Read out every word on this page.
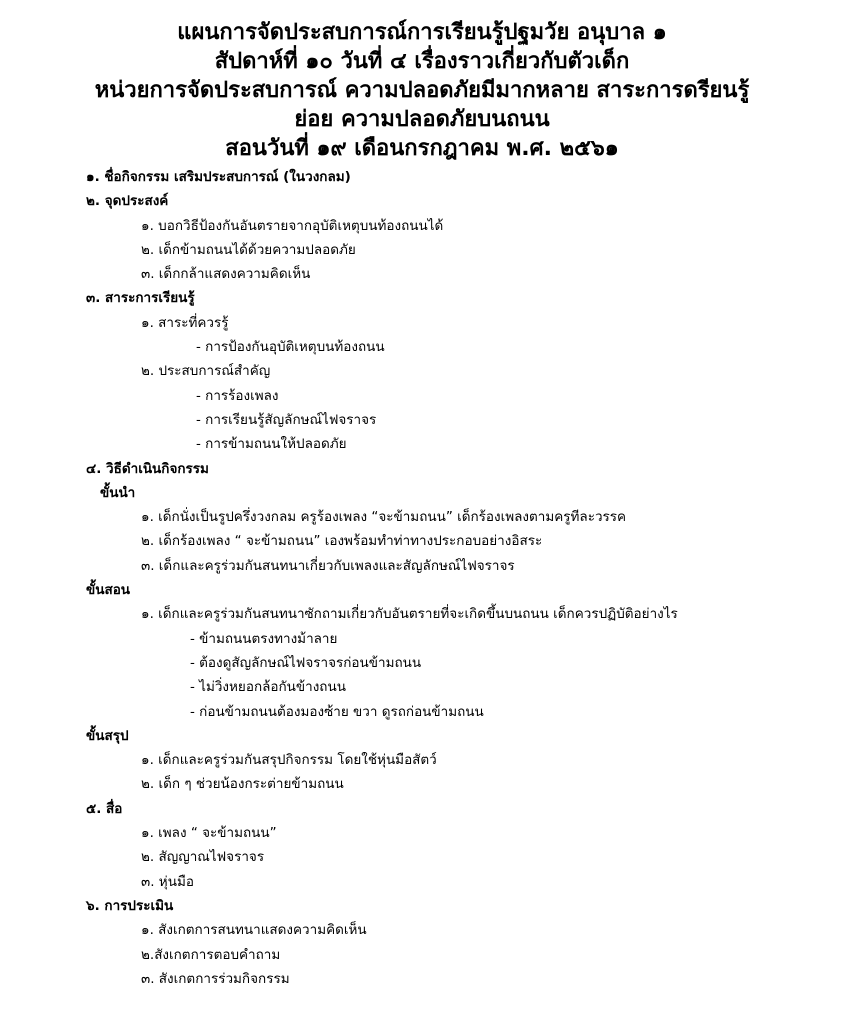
แผนการจัดประสบการณ์การเรียนรู้ปฐมวัย อนุบาล ๑
สัปดาห์ที่ ๑๐ วันที่ ๔ เรื่องราวเกี่ยวกับตัวเด็ก
หน่วยการจัดประสบการณ์ ความปลอดภัยมีมากหลาย สาระการดรียนรู้
ย่อย ความปลอดภัยบนถนน
สอนวันที่ ๑๙ เดือนกรกฎาคม พ.ศ. ๒๕๖๑
๑. ชื่อกิจกรรม เสริมประสบการณ์ (ในวงกลม)
๒. จุดประสงค์
๑. บอกวิธีป้องกันอันตรายจากอุบัติเหตุบนท้องถนนได้
๒. เด็กข้ามถนนได้ด้วยความปลอดภัย
๓. เด็กกล้าแสดงความคิดเห็น
๓. สาระการเรียนรู้
๑. สาระที่ควรรู้
- การป้องกันอุบัติเหตุบนท้องถนน
๒. ประสบการณ์สำคัญ
- การร้องเพลง
- การเรียนรู้สัญลักษณ์ไฟจราจร
- การข้ามถนนให้ปลอดภัย
๔. วิธีดำเนินกิจกรรม
ขั้นนำ
๑. เด็กนั่งเป็นรูปครึ่งวงกลม ครูร้องเพลง “จะข้ามถนน” เด็กร้องเพลงตามครูทีละวรรค
๒. เด็กร้องเพลง “ จะข้ามถนน” เองพร้อมทำท่าทางประกอบอย่างอิสระ
๓. เด็กและครูร่วมกันสนทนาเกี่ยวกับเพลงและสัญลักษณ์ไฟจราจร
ขั้นสอน
๑. เด็กและครูร่วมกันสนทนาซักถามเกี่ยวกับอันตรายที่จะเกิดขึ้นบนถนน เด็กควรปฏิบัติอย่างไร
- ข้ามถนนตรงทางม้าลาย
- ต้องดูสัญลักษณ์ไฟจราจรก่อนข้ามถนน
- ไม่วิ่งหยอกล้อกันข้างถนน
- ก่อนข้ามถนนต้องมองซ้าย ขวา ดูรถก่อนข้ามถนน
ขั้นสรุป
๑. เด็กและครูร่วมกันสรุปกิจกรรม โดยใช้หุ่นมือสัตว์
๒. เด็ก ๆ ช่วยน้องกระต่ายข้ามถนน
๕. สื่อ
๑. เพลง “ จะข้ามถนน”
๒. สัญญาณไฟจราจร
๓. หุ่นมือ
๖. การประเมิน
๑. สังเกตการสนทนาแสดงความคิดเห็น
๒.สังเกตการตอบคำถาม
๓. สังเกตการร่วมกิจกรรม
